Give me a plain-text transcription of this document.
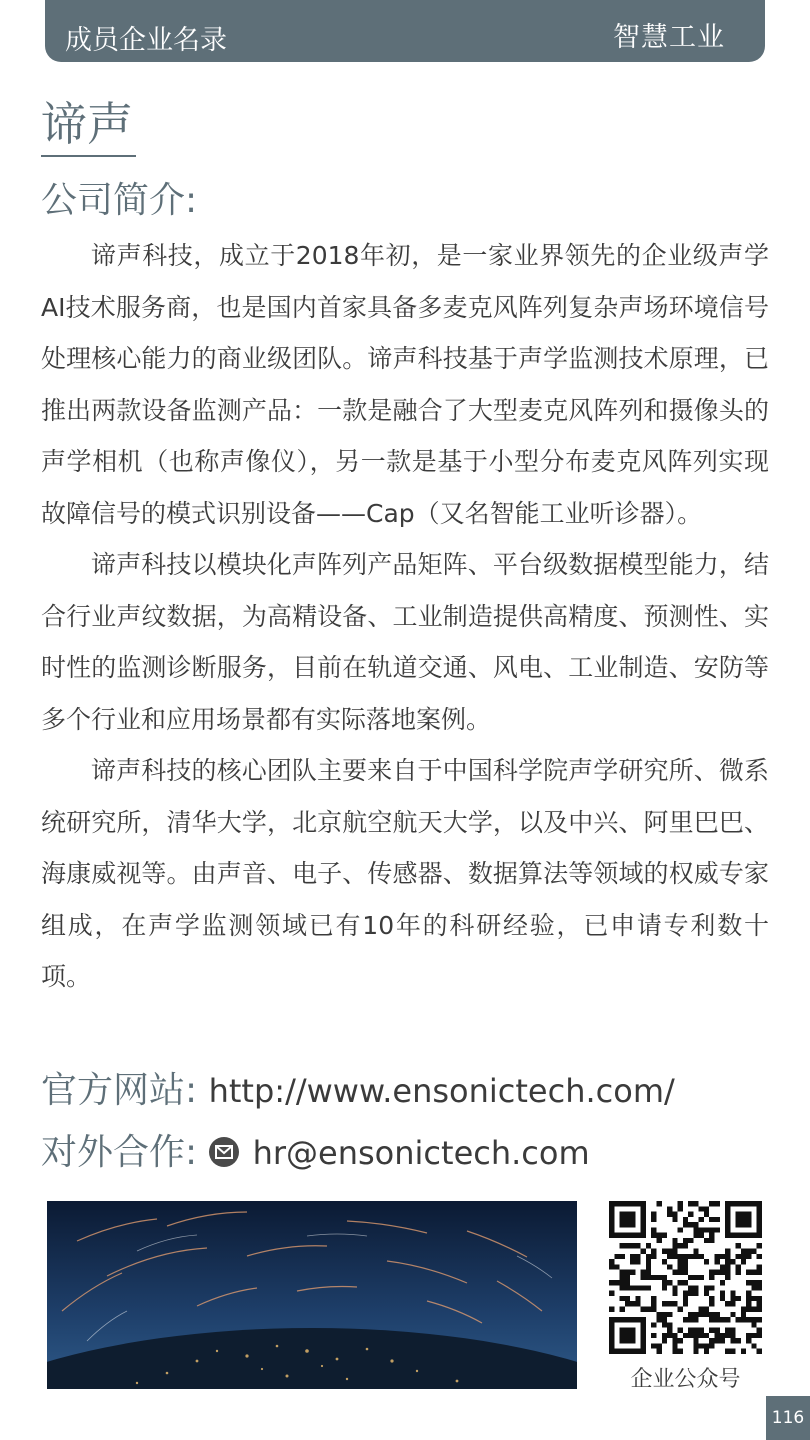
成员企业名录	智慧工业
谛声
公司简介:

谛声科技，成立于2018年初，是一家业界领先的企业级声学AI技术服务商，也是国内首家具备多麦克风阵列复杂声场环境信号处理核心能力的商业级团队。谛声科技基于声学监测技术原理，已推出两款设备监测产品：一款是融合了大型麦克风阵列和摄像头的声学相机（也称声像仪），另一款是基于小型分布麦克风阵列实现故障信号的模式识别设备——Cap（又名智能工业听诊器）。

谛声科技以模块化声阵列产品矩阵、平台级数据模型能力，结合行业声纹数据，为高精设备、工业制造提供高精度、预测性、实时性的监测诊断服务，目前在轨道交通、风电、工业制造、安防等多个行业和应用场景都有实际落地案例。

谛声科技的核心团队主要来自于中国科学院声学研究所、微系统研究所，清华大学，北京航空航天大学，以及中兴、阿里巴巴、海康威视等。由声音、电子、传感器、数据算法等领域的权威专家组成，在声学监测领域已有10年的科研经验，已申请专利数十项。

官方网站: http://www.ensonictech.com/
对外合作: hr@ensonictech.com
企业公众号
116
